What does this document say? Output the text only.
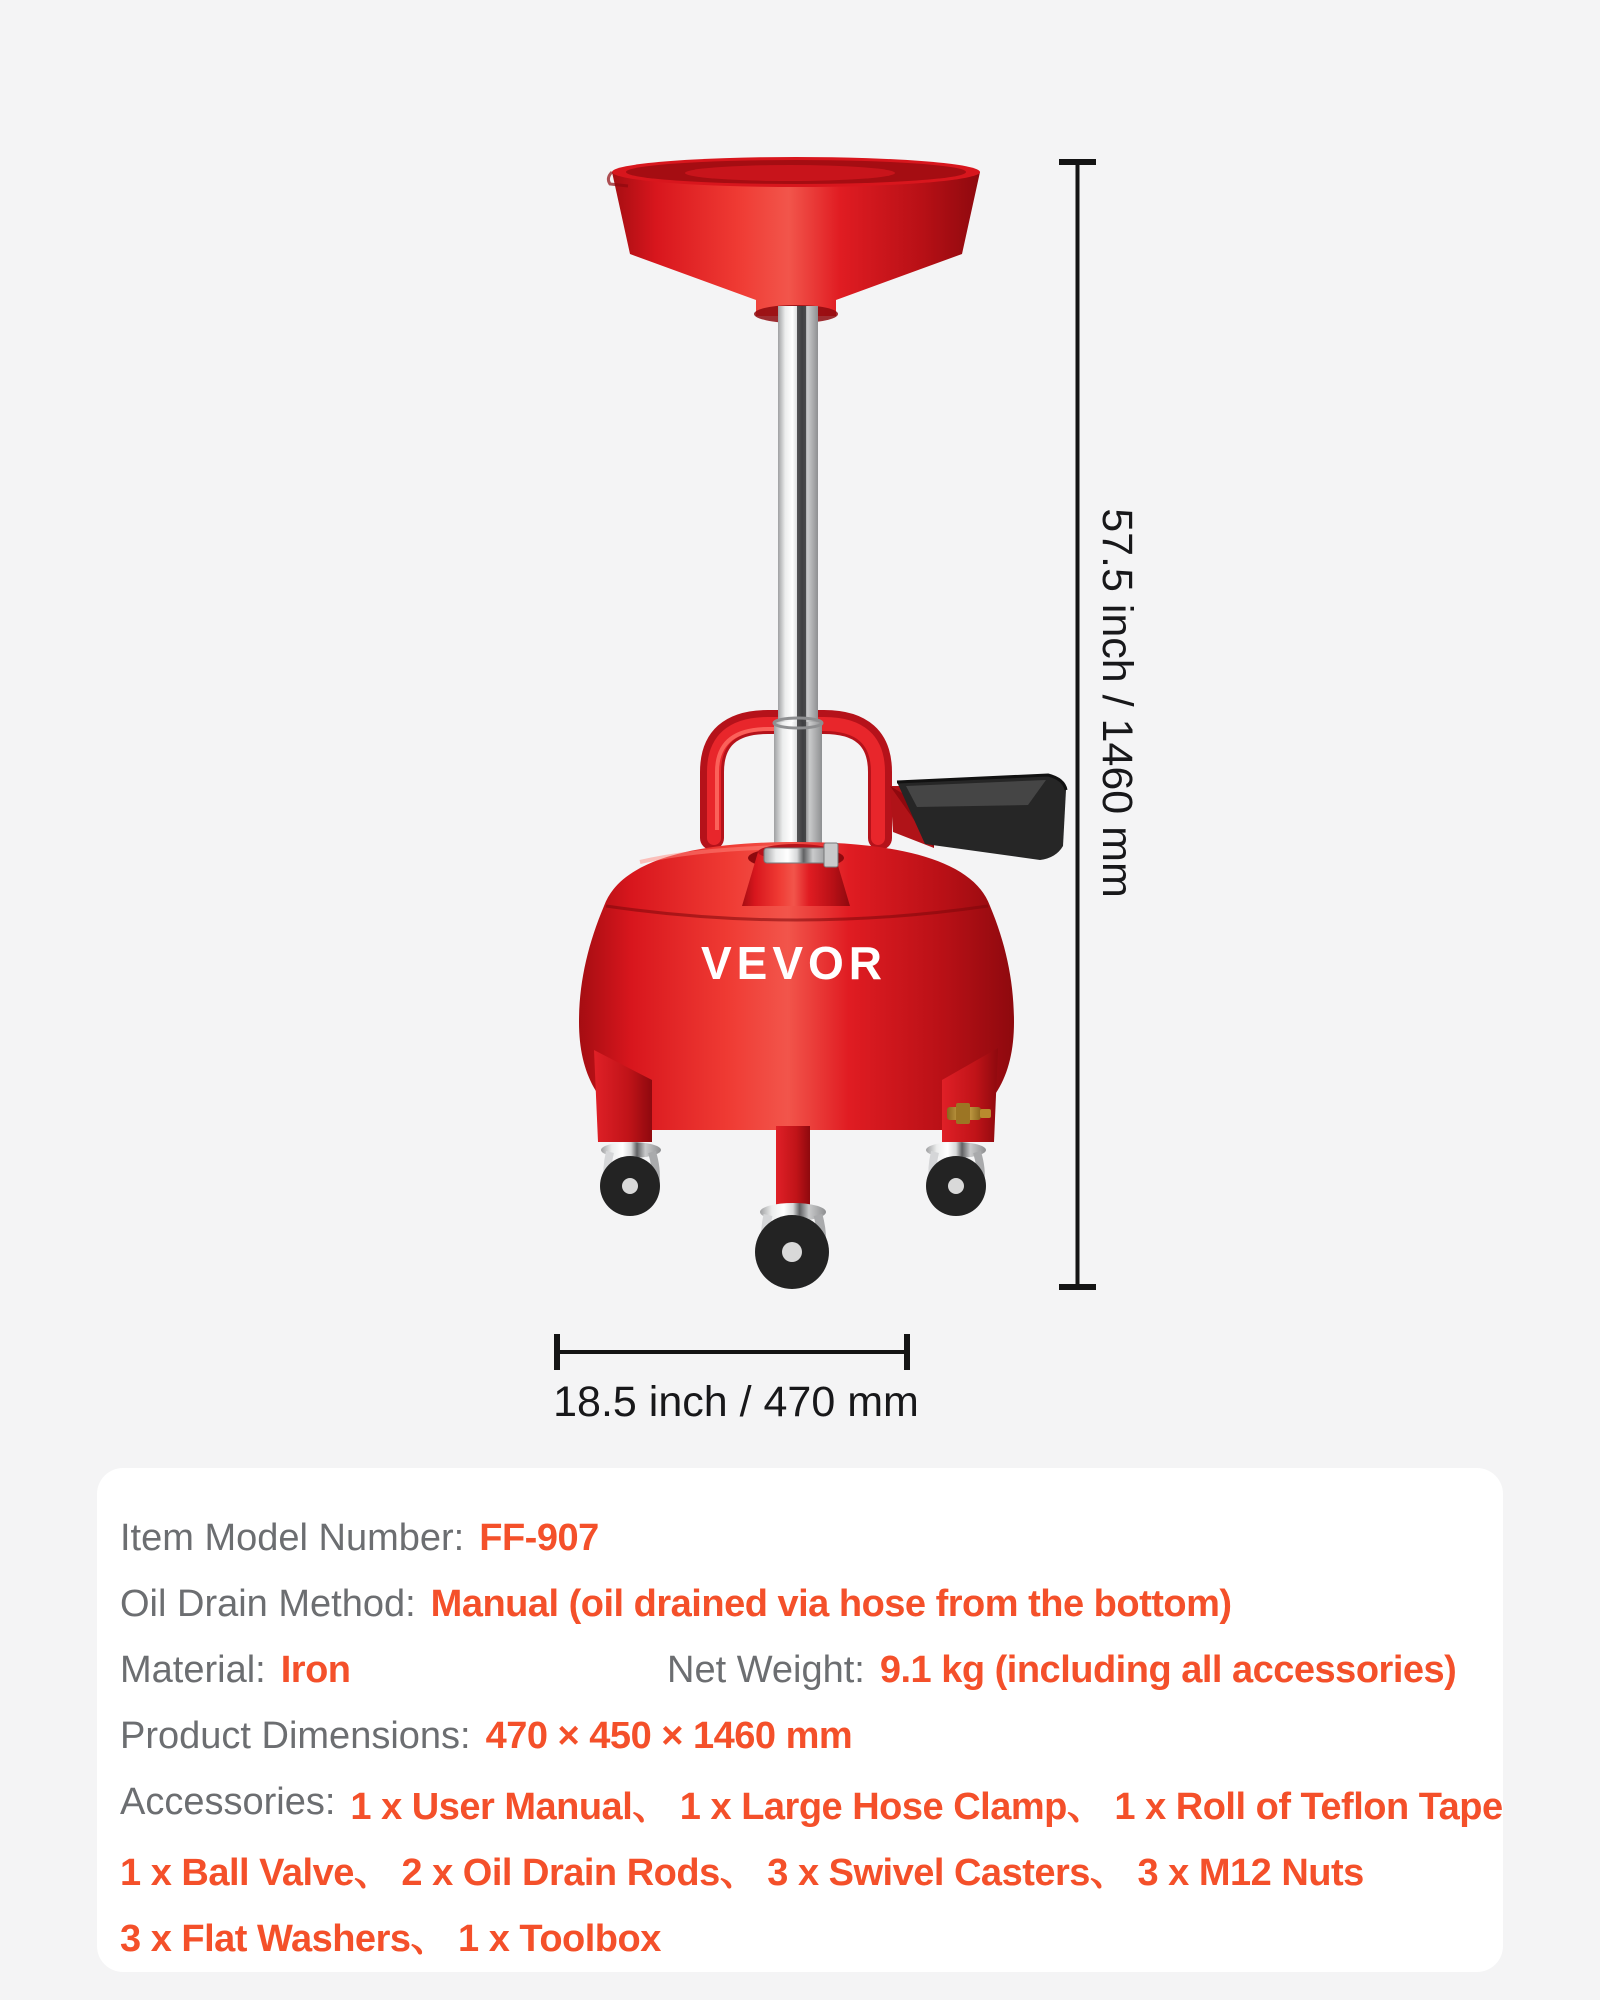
VEVOR
57.5 inch / 1460 mm
18.5 inch / 470 mm
Item Model Number: FF-907
Oil Drain Method: Manual (oil drained via hose from the bottom)
Material: Iron	Net Weight: 9.1 kg (including all accessories)
Product Dimensions: 470 × 450 × 1460 mm
Accessories: 1 x User Manual、 1 x Large Hose Clamp、 1 x Roll of Teflon Tape
1 x Ball Valve、 2 x Oil Drain Rods、 3 x Swivel Casters、 3 x M12 Nuts
3 x Flat Washers、 1 x Toolbox
